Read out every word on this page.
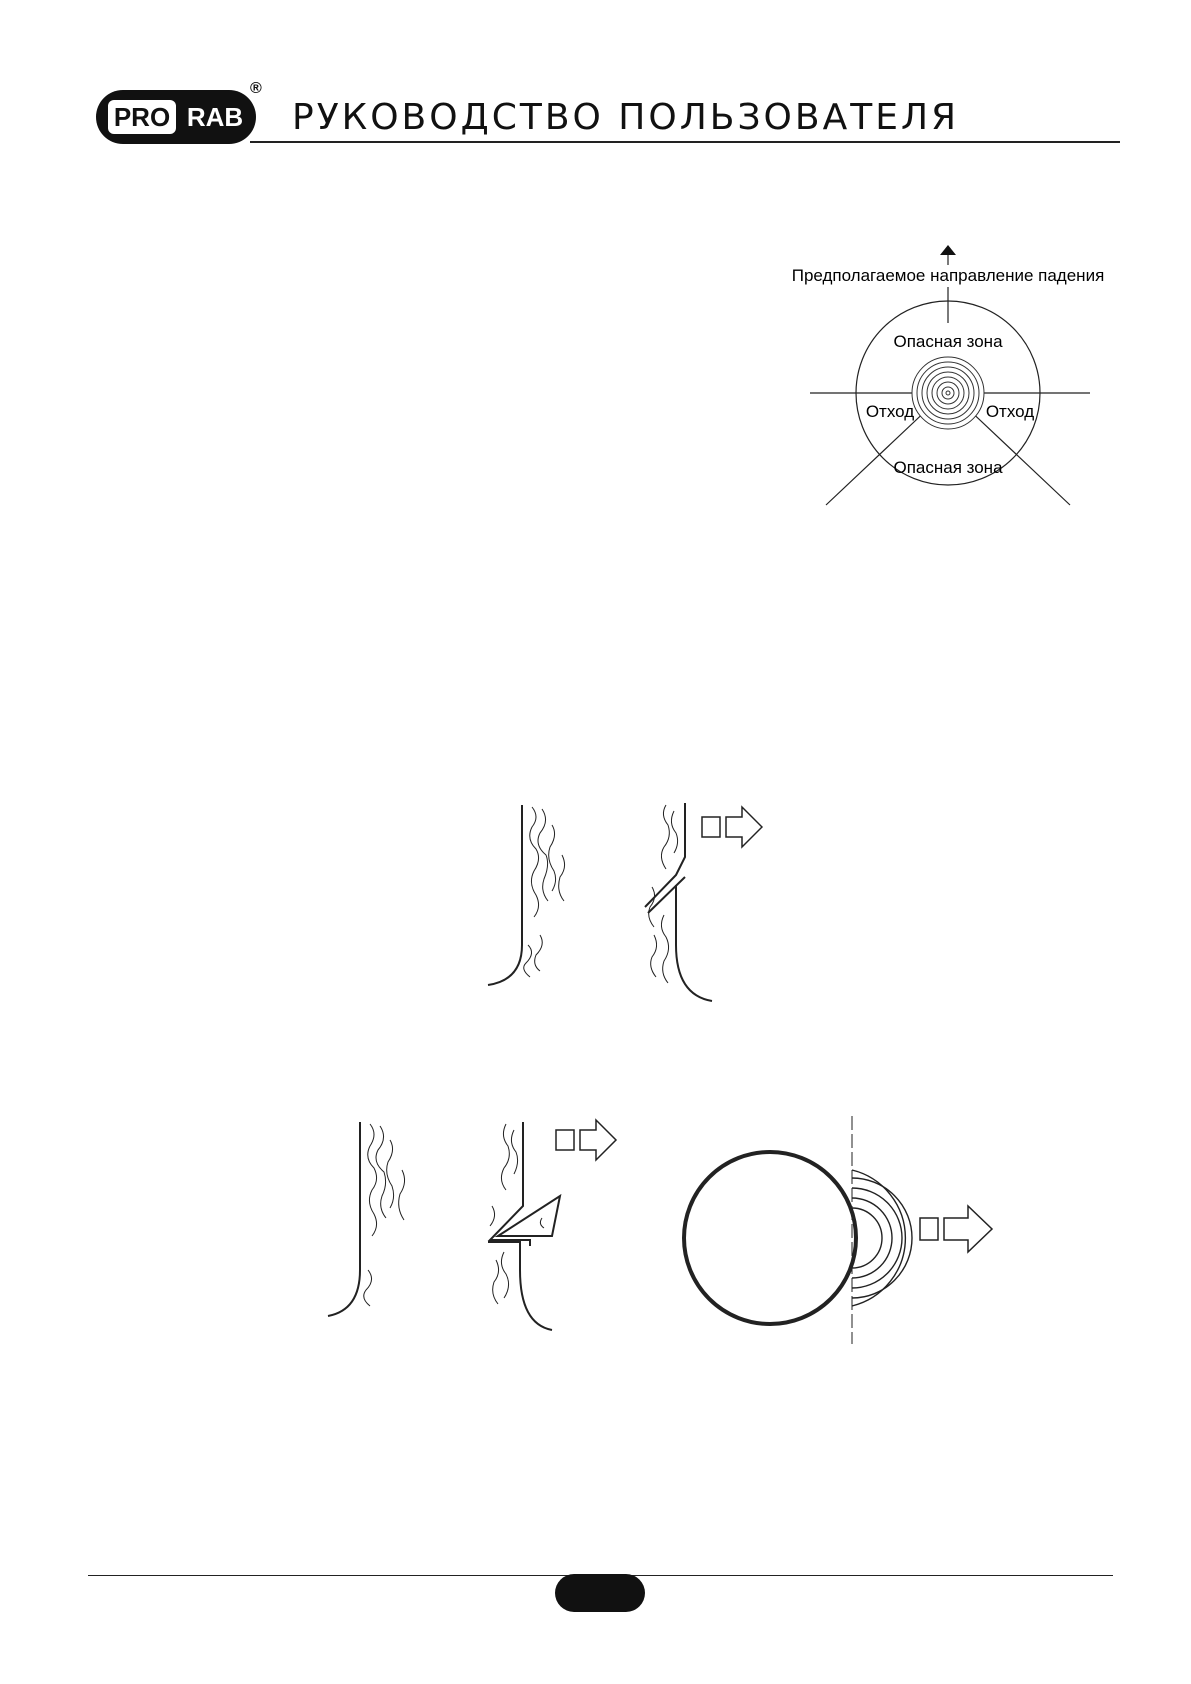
PRO RAB
®
РУКОВОДСТВО ПОЛЬЗОВАТЕЛЯ
Предполагаемое направление падения
Опасная зона
Отход	Отход
Опасная зона
